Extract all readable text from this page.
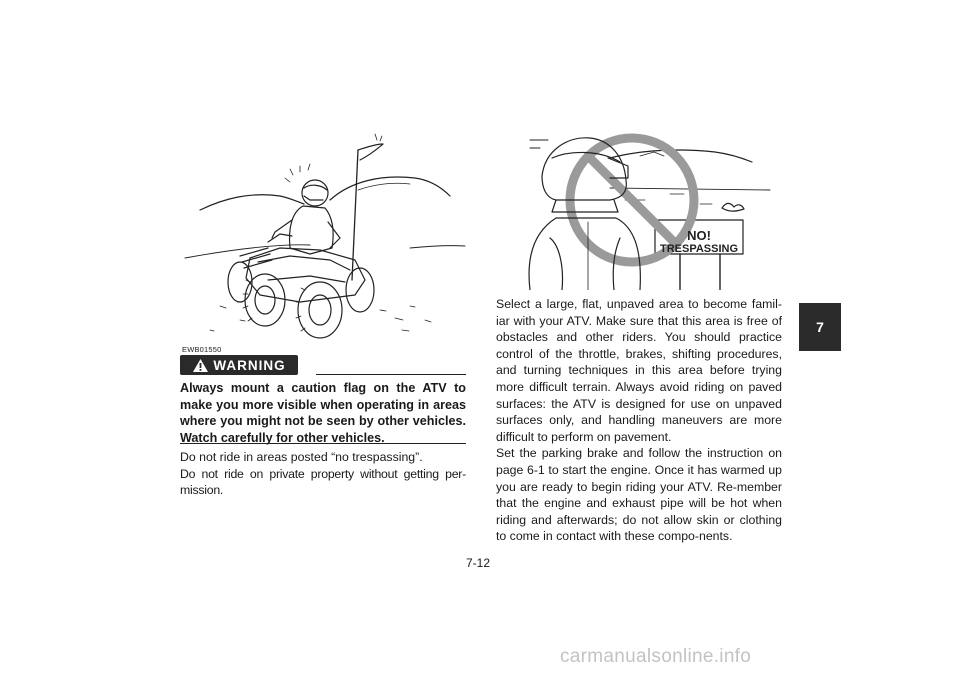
NO!
TRESPASSING
EWB01550
WARNING
Always mount a caution flag on the ATV to make you more visible when operating in areas where you might not be seen by other vehicles. Watch carefully for other vehicles.

Do not ride in areas posted “no trespassing”.

Do not ride on private property without getting per-mission.

Select a large, flat, unpaved area to become famil-iar with your ATV. Make sure that this area is free of obstacles and other riders. You should practice control of the throttle, brakes, shifting procedures, and turning techniques in this area before trying more difficult terrain. Always avoid riding on paved surfaces: the ATV is designed for use on unpaved surfaces only, and handling maneuvers are more difficult to perform on pavement.

Set the parking brake and follow the instruction on page 6-1 to start the engine. Once it has warmed up you are ready to begin riding your ATV. Re-member that the engine and exhaust pipe will be hot when riding and afterwards; do not allow skin or clothing to come in contact with these compo-nents.

7-12
7
carmanualsonline.info
